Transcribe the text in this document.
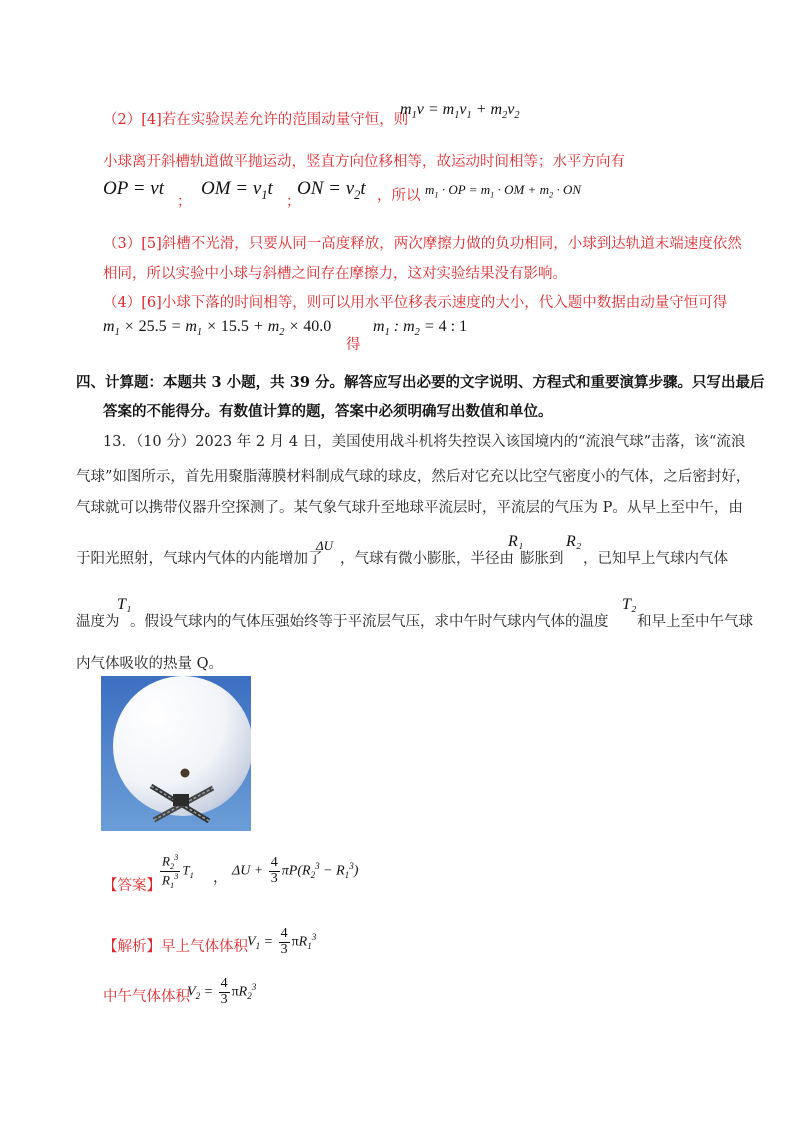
（2）[4]若在实验误差允许的范围动量守恒，则
$m_1v = m_1v_1 + m_2v_2$
小球离开斜槽轨道做平抛运动，竖直方向位移相等，故运动时间相等；水平方向有
OP = vt
；
OM = $v_1t$
；
ON = $v_2t$ ，所以 $m_1$ · OP = $m_1$ · OM + $m_2$ · ON
（3）[5]斜槽不光滑，只要从同一高度释放，两次摩擦力做的负功相同，小球到达轨道末端速度依然
相同，所以实验中小球与斜槽之间存在摩擦力，这对实验结果没有影响。
（4）[6]小球下落的时间相等，则可以用水平位移表示速度的大小，代入题中数据由动量守恒可得
$m_1 \times 25.5 = m_1 \times 15.5 + m_2 \times 40.0$
得
$m_1$ : $m_2 = 4$ : 1
四、计算题：本题共 3 小题，共 39 分。解答应写出必要的文字说明、方程式和重要演算步骤。只写出最后
答案的不能得分。有数值计算的题，答案中必须明确写出数值和单位。
13．（10 分）2023 年 2 月 4 日，美国使用战斗机将失控误入该国境内的“流浪气球”击落，该“流浪
气球”如图所示，首先用聚脂薄膜材料制成气球的球皮，然后对它充以比空气密度小的气体，之后密封好，
气球就可以携带仪器升空探测了。某气象气球升至地球平流层时，平流层的气压为 P。从早上至中午，由
于阳光照射，气球内气体的内能增加了
ΔU
，气球有微小膨胀，半径由
R₁
膨胀到
R₂
，已知早上气球内气体
温度为
T₁
。假设气球内的气体压强始终等于平流层气压，求中午时气球内气体的温度
T₂
和早上至中午气球
内气体吸收的热量 Q。
【答案】 $\frac{R_2^3}{R_1^3} T_1$ ， $\Delta U + \frac{4}{3} \pi P(R_2^3 - R_1^3)$
【解析】早上气体体积 $V_1 = \frac{4}{3} \pi R_1^3$
中午气体体积
$V_2 = \frac{4}{3} \pi R_2^3$
